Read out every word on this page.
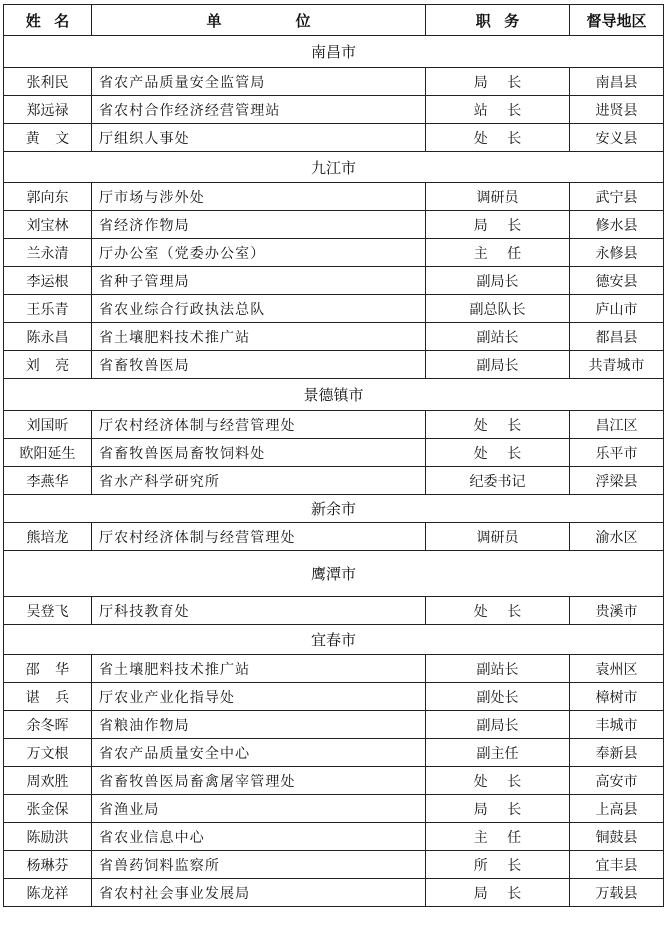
姓名	单 位	职务	督导地区
南昌市			
张利民	省农产品质量安全监管局	局长	南昌县
郑远禄	省农村合作经济经营管理站	站长	进贤县
黄文	厅组织人事处	处长	安义县
九江市			
郭向东	厅市场与涉外处	调研员	武宁县
刘宝林	省经济作物局	局长	修水县
兰永清	厅办公室（党委办公室）	主任	永修县
李运根	省种子管理局	副局长	德安县
王乐青	省农业综合行政执法总队	副总队长	庐山市
陈永昌	省土壤肥料技术推广站	副站长	都昌县
刘亮	省畜牧兽医局	副局长	共青城市
景德镇市			
刘国昕	厅农村经济体制与经营管理处	处长	昌江区
欧阳延生	省畜牧兽医局畜牧饲料处	处长	乐平市
李燕华	省水产科学研究所	纪委书记	浮梁县
新余市			
熊培龙	厅农村经济体制与经营管理处	调研员	渝水区
鹰潭市			
吴登飞	厅科技教育处	处长	贵溪市
宜春市			
邵华	省土壤肥料技术推广站	副站长	袁州区
谌兵	厅农业产业化指导处	副处长	樟树市
余冬晖	省粮油作物局	副局长	丰城市
万文根	省农产品质量安全中心	副主任	奉新县
周欢胜	省畜牧兽医局畜禽屠宰管理处	处长	高安市
张金保	省渔业局	局长	上高县
陈励洪	省农业信息中心	主任	铜鼓县
杨琳芬	省兽药饲料监察所	所长	宜丰县
陈龙祥	省农村社会事业发展局	局长	万载县
